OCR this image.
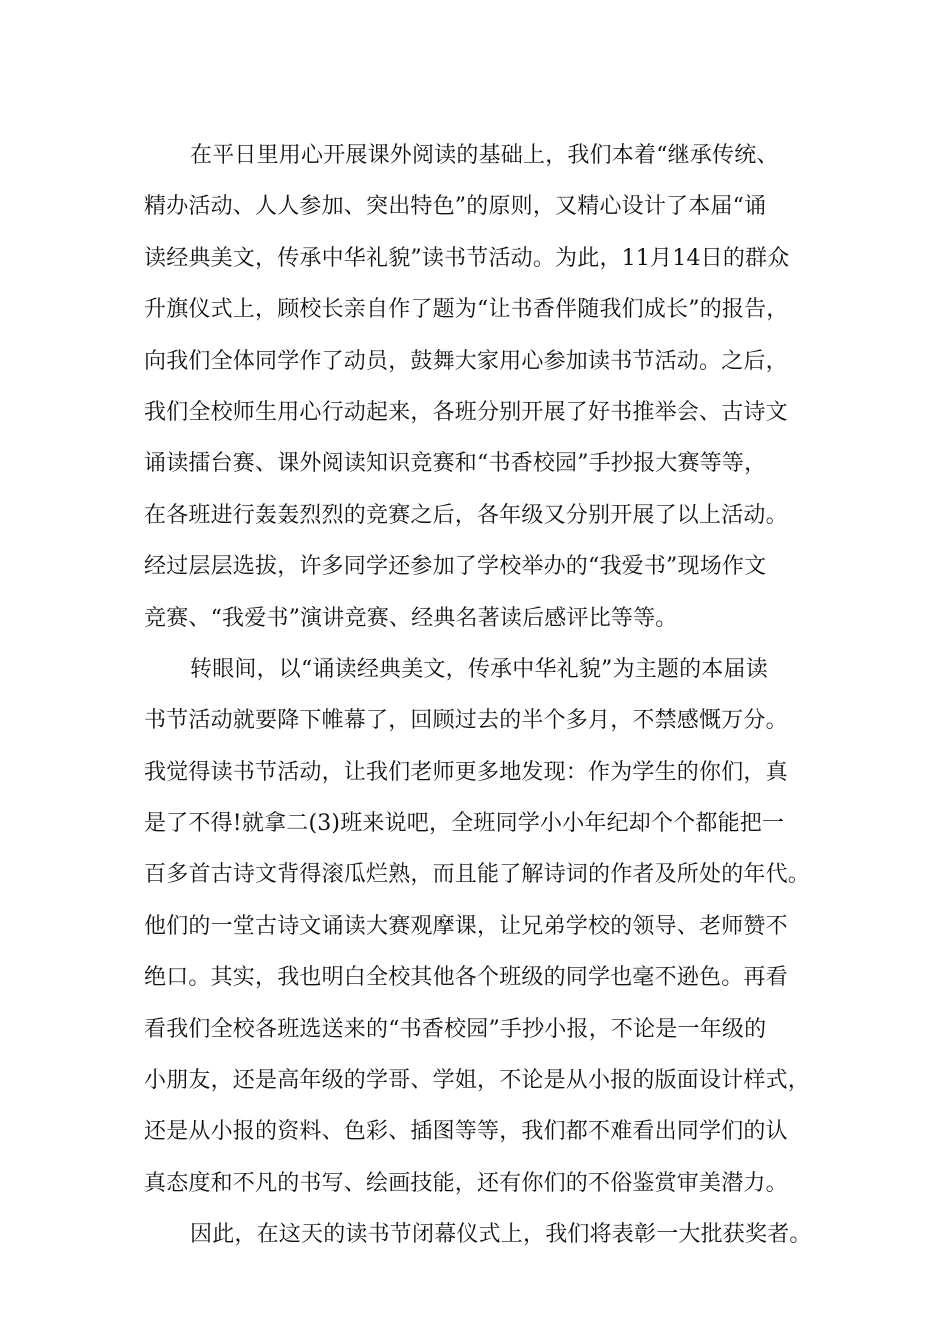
在平日里用心开展课外阅读的基础上，我们本着“继承传统、
精办活动、人人参加、突出特色”的原则，又精心设计了本届“诵
读经典美文，传承中华礼貌”读书节活动。为此，11月14日的群众
升旗仪式上，顾校长亲自作了题为“让书香伴随我们成长”的报告，
向我们全体同学作了动员，鼓舞大家用心参加读书节活动。之后，
我们全校师生用心行动起来，各班分别开展了好书推举会、古诗文
诵读擂台赛、课外阅读知识竞赛和“书香校园”手抄报大赛等等，
在各班进行轰轰烈烈的竞赛之后，各年级又分别开展了以上活动。
经过层层选拔，许多同学还参加了学校举办的“我爱书”现场作文
竞赛、“我爱书”演讲竞赛、经典名著读后感评比等等。
转眼间，以“诵读经典美文，传承中华礼貌”为主题的本届读
书节活动就要降下帷幕了，回顾过去的半个多月，不禁感慨万分。
我觉得读书节活动，让我们老师更多地发现：作为学生的你们，真
是了不得!就拿二(3)班来说吧，全班同学小小年纪却个个都能把一
百多首古诗文背得滚瓜烂熟，而且能了解诗词的作者及所处的年代。
他们的一堂古诗文诵读大赛观摩课，让兄弟学校的领导、老师赞不
绝口。其实，我也明白全校其他各个班级的同学也毫不逊色。再看
看我们全校各班选送来的“书香校园”手抄小报，不论是一年级的
小朋友，还是高年级的学哥、学姐，不论是从小报的版面设计样式，
还是从小报的资料、色彩、插图等等，我们都不难看出同学们的认
真态度和不凡的书写、绘画技能，还有你们的不俗鉴赏审美潜力。
因此，在这天的读书节闭幕仪式上，我们将表彰一大批获奖者。
